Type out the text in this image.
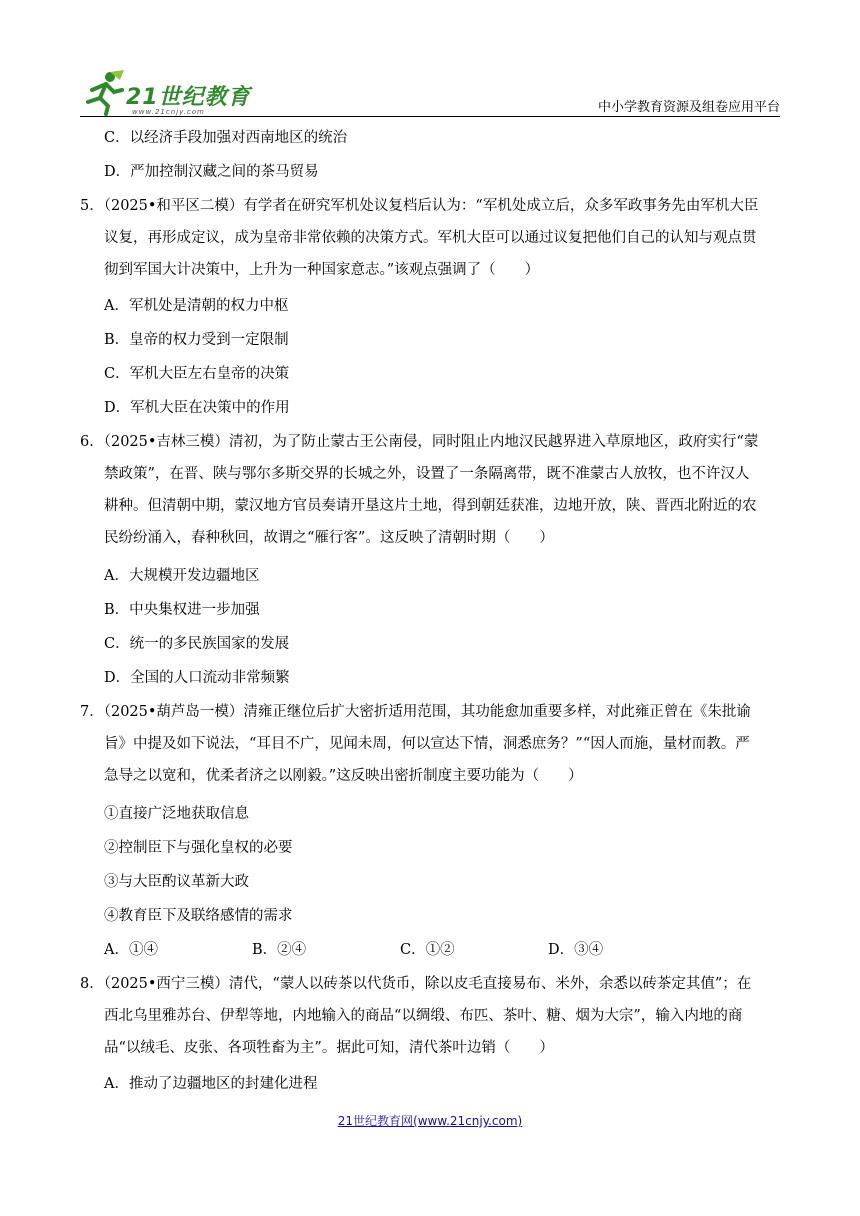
21世纪教育
www.21cnjy.com	中小学教育资源及组卷应用平台
C．以经济手段加强对西南地区的统治
D．严加控制汉藏之间的茶马贸易
5．（2025•和平区二模）有学者在研究军机处议复档后认为：“军机处成立后，众多军政事务先由军机大臣
议复，再形成定议，成为皇帝非常依赖的决策方式。军机大臣可以通过议复把他们自己的认知与观点贯
彻到军国大计决策中，上升为一种国家意志。”该观点强调了（　　）
A．军机处是清朝的权力中枢
B．皇帝的权力受到一定限制
C．军机大臣左右皇帝的决策
D．军机大臣在决策中的作用
6．（2025•吉林三模）清初，为了防止蒙古王公南侵，同时阻止内地汉民越界进入草原地区，政府实行“蒙
禁政策”，在晋、陕与鄂尔多斯交界的长城之外，设置了一条隔离带，既不准蒙古人放牧，也不许汉人
耕种。但清朝中期，蒙汉地方官员奏请开垦这片土地，得到朝廷获准，边地开放，陕、晋西北附近的农
民纷纷涌入，春种秋回，故谓之“雁行客”。这反映了清朝时期（　　）
A．大规模开发边疆地区
B．中央集权进一步加强
C．统一的多民族国家的发展
D．全国的人口流动非常频繁
7．（2025•葫芦岛一模）清雍正继位后扩大密折适用范围，其功能愈加重要多样，对此雍正曾在《朱批谕
旨》中提及如下说法，“耳目不广，见闻未周，何以宣达下情，洞悉庶务？”“因人而施，量材而教。严
急导之以宽和，优柔者济之以刚毅。”这反映出密折制度主要功能为（　　）
①直接广泛地获取信息
②控制臣下与强化皇权的必要
③与大臣酌议革新大政
④教育臣下及联络感情的需求
A．①④	B．②④	C．①②	D．③④
8．（2025•西宁三模）清代，“蒙人以砖茶以代货币，除以皮毛直接易布、米外，余悉以砖茶定其值”；在
西北乌里雅苏台、伊犁等地，内地输入的商品“以绸缎、布匹、茶叶、糖、烟为大宗”，输入内地的商
品“以绒毛、皮张、各项牲畜为主”。据此可知，清代茶叶边销（　　）
A．推动了边疆地区的封建化进程
21世纪教育网(www.21cnjy.com)
